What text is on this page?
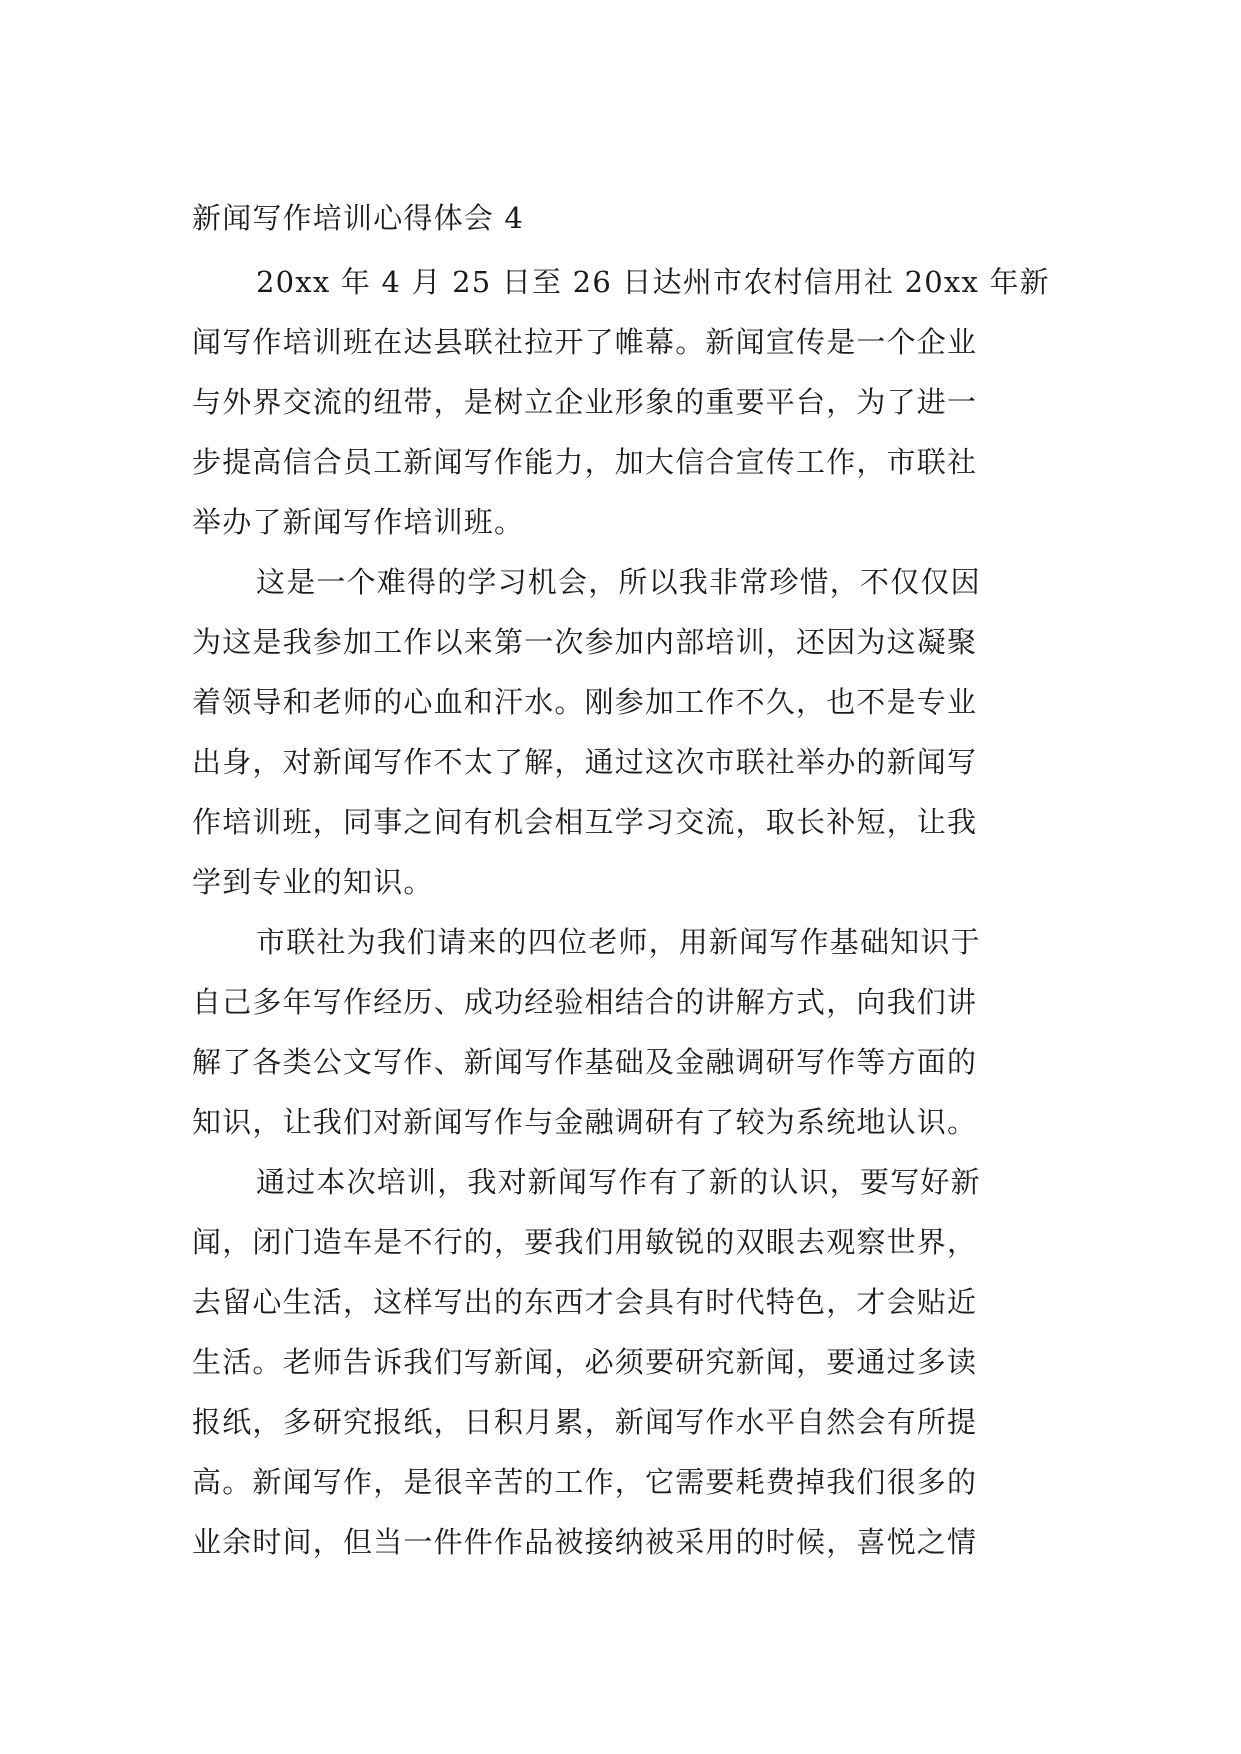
新闻写作培训心得体会 4
20xx 年 4 月 25 日至 26 日达州市农村信用社 20xx 年新
闻写作培训班在达县联社拉开了帷幕。新闻宣传是一个企业
与外界交流的纽带，是树立企业形象的重要平台，为了进一
步提高信合员工新闻写作能力，加大信合宣传工作，市联社
举办了新闻写作培训班。
这是一个难得的学习机会，所以我非常珍惜，不仅仅因
为这是我参加工作以来第一次参加内部培训，还因为这凝聚
着领导和老师的心血和汗水。刚参加工作不久，也不是专业
出身，对新闻写作不太了解，通过这次市联社举办的新闻写
作培训班，同事之间有机会相互学习交流，取长补短，让我
学到专业的知识。
市联社为我们请来的四位老师，用新闻写作基础知识于
自己多年写作经历、成功经验相结合的讲解方式，向我们讲
解了各类公文写作、新闻写作基础及金融调研写作等方面的
知识，让我们对新闻写作与金融调研有了较为系统地认识。
通过本次培训，我对新闻写作有了新的认识，要写好新
闻，闭门造车是不行的，要我们用敏锐的双眼去观察世界，
去留心生活，这样写出的东西才会具有时代特色，才会贴近
生活。老师告诉我们写新闻，必须要研究新闻，要通过多读
报纸，多研究报纸，日积月累，新闻写作水平自然会有所提
高。新闻写作，是很辛苦的工作，它需要耗费掉我们很多的
业余时间，但当一件件作品被接纳被采用的时候，喜悦之情
